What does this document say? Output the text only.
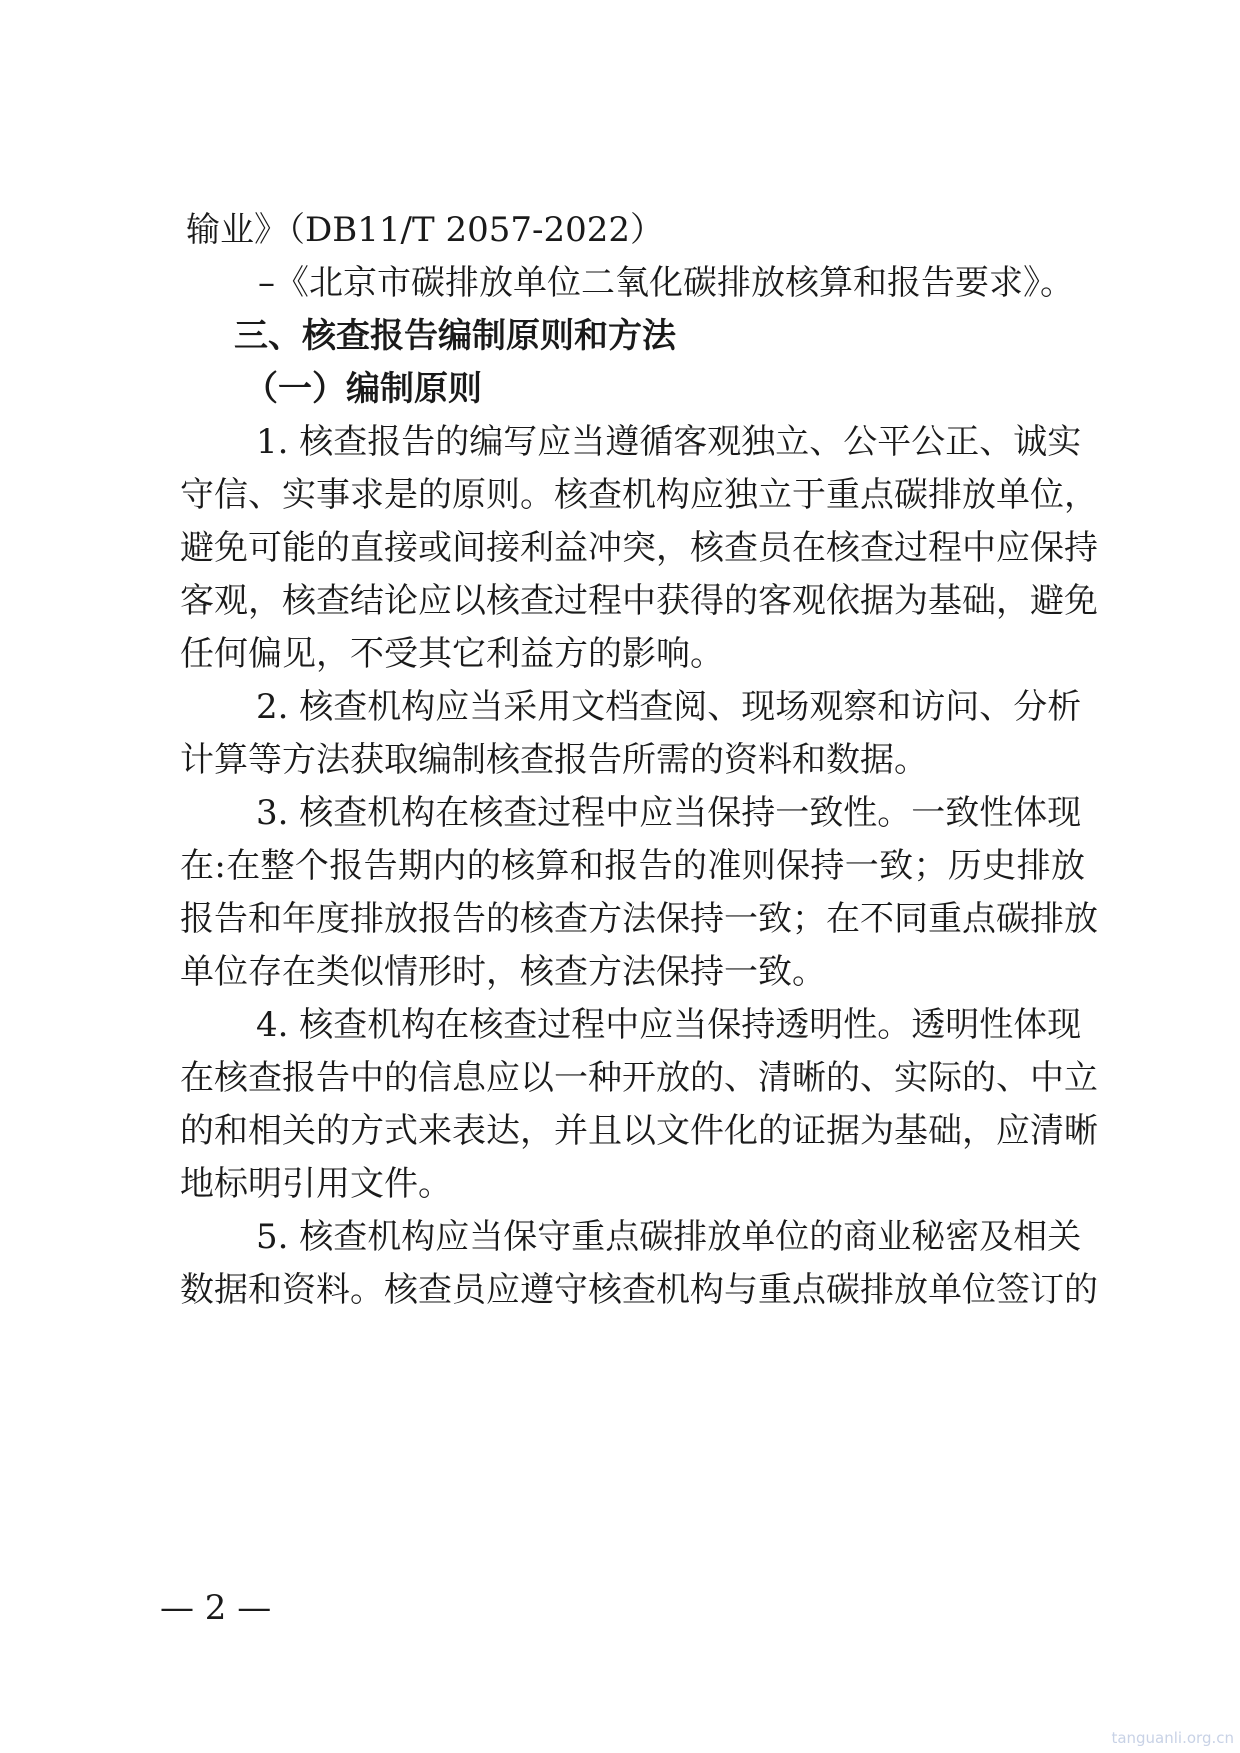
输业》（DB11/T 2057-2022）
–《北京市碳排放单位二氧化碳排放核算和报告要求》。
三、核查报告编制原则和方法
（一）编制原则
1. 核查报告的编写应当遵循客观独立、公平公正、诚实
守信、实事求是的原则。核查机构应独立于重点碳排放单位，
避免可能的直接或间接利益冲突，核查员在核查过程中应保持
客观，核查结论应以核查过程中获得的客观依据为基础，避免
任何偏见，不受其它利益方的影响。
2. 核查机构应当采用文档查阅、现场观察和访问、分析
计算等方法获取编制核查报告所需的资料和数据。
3. 核查机构在核查过程中应当保持一致性。一致性体现
在:在整个报告期内的核算和报告的准则保持一致；历史排放
报告和年度排放报告的核查方法保持一致；在不同重点碳排放
单位存在类似情形时，核查方法保持一致。
4. 核查机构在核查过程中应当保持透明性。透明性体现
在核查报告中的信息应以一种开放的、清晰的、实际的、中立
的和相关的方式来表达，并且以文件化的证据为基础，应清晰
地标明引用文件。
5. 核查机构应当保守重点碳排放单位的商业秘密及相关
数据和资料。核查员应遵守核查机构与重点碳排放单位签订的
— 2 —
tanguanli.org.cn
